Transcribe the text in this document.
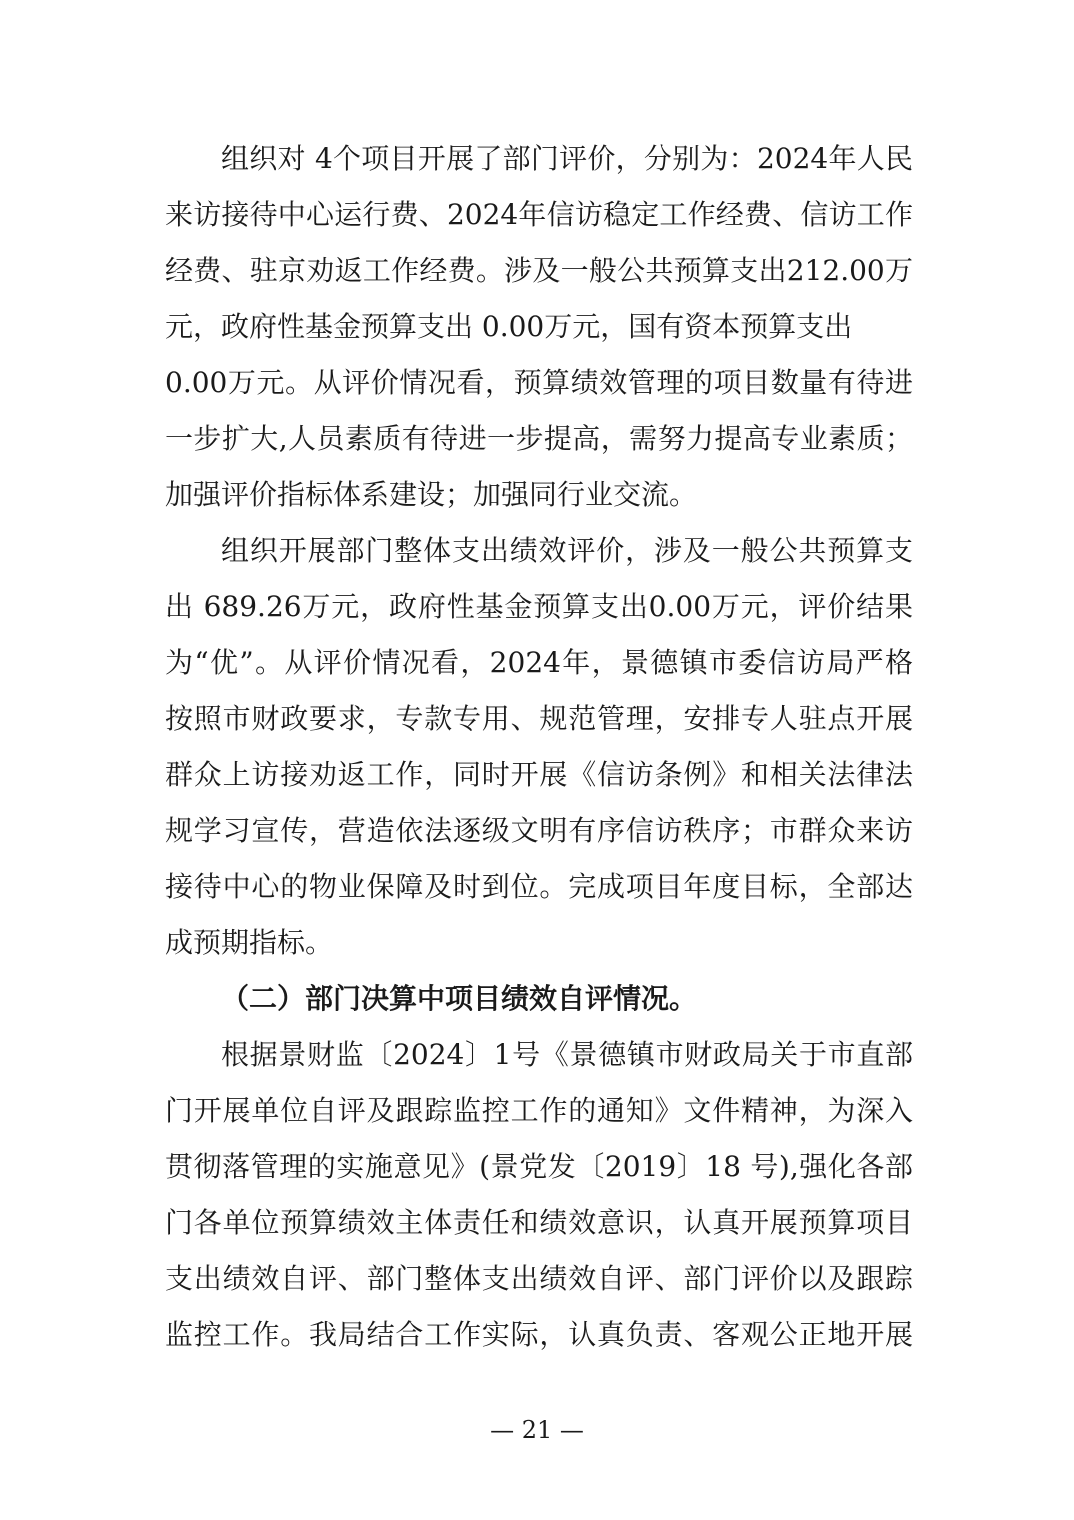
组织对 4个项目开展了部门评价，分别为：2024年人民
来访接待中心运行费、2024年信访稳定工作经费、信访工作
经费、驻京劝返工作经费。涉及一般公共预算支出212.00万
元，政府性基金预算支出 0.00万元，国有资本预算支出
0.00万元。从评价情况看，预算绩效管理的项目数量有待进
一步扩大,人员素质有待进一步提高，需努力提高专业素质；
加强评价指标体系建设；加强同行业交流。
组织开展部门整体支出绩效评价，涉及一般公共预算支
出 689.26万元，政府性基金预算支出0.00万元，评价结果
为“优”。从评价情况看，2024年，景德镇市委信访局严格
按照市财政要求，专款专用、规范管理，安排专人驻点开展
群众上访接劝返工作，同时开展《信访条例》和相关法律法
规学习宣传，营造依法逐级文明有序信访秩序；市群众来访
接待中心的物业保障及时到位。完成项目年度目标，全部达
成预期指标。
（二）部门决算中项目绩效自评情况。
根据景财监〔2024〕1号《景德镇市财政局关于市直部
门开展单位自评及跟踪监控工作的通知》文件精神，为深入
贯彻落管理的实施意见》(景党发〔2019〕18 号),强化各部
门各单位预算绩效主体责任和绩效意识，认真开展预算项目
支出绩效自评、部门整体支出绩效自评、部门评价以及跟踪
监控工作。我局结合工作实际，认真负责、客观公正地开展
— 21 —
